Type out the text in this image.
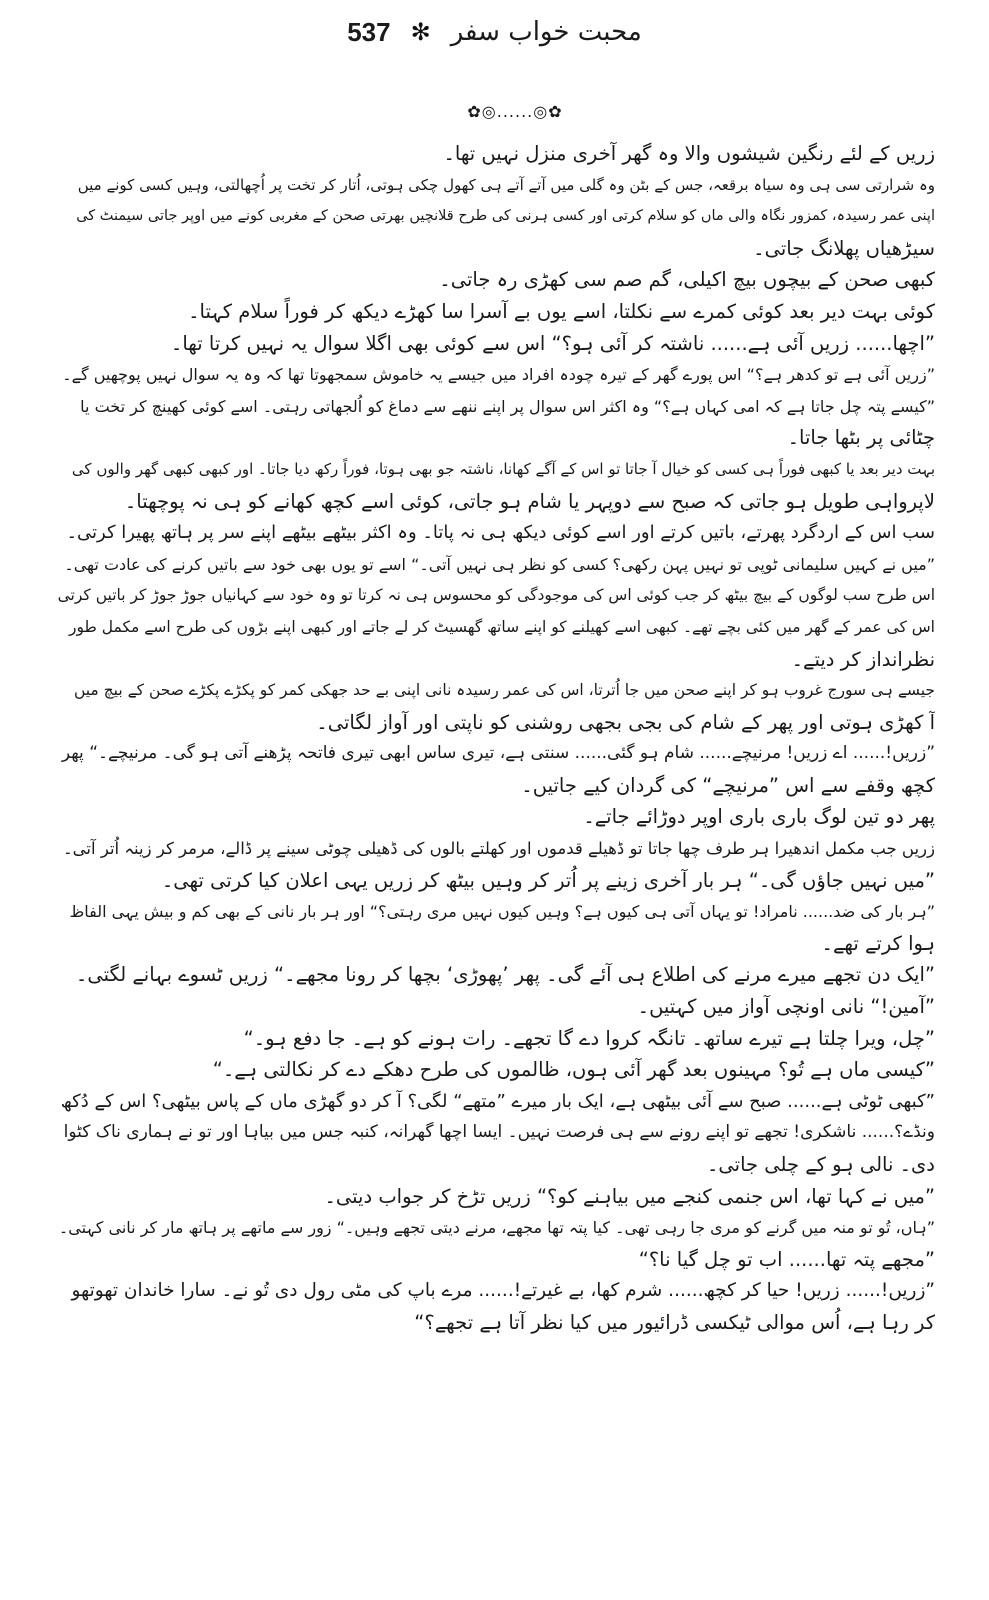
537 ✻ محبت خواب سفر
✿◎......◎✿
زریں کے لئے رنگین شیشوں والا وہ گھر آخری منزل نہیں تھا۔
وہ شرارتی سی ہی وہ سیاہ برقعہ، جس کے بٹن وہ گلی میں آتے آتے ہی کھول چکی ہوتی، اُتار کر تخت پر اُچھالتی، وہیں کسی کونے میں
اپنی عمر رسیدہ، کمزور نگاہ والی ماں کو سلام کرتی اور کسی ہرنی کی طرح قلانچیں بھرتی صحن کے مغربی کونے میں اوپر جاتی سیمنٹ کی
سیڑھیاں پھلانگ جاتی۔
کبھی صحن کے بیچوں بیچ اکیلی، گم صم سی کھڑی رہ جاتی۔
کوئی بہت دیر بعد کوئی کمرے سے نکلتا، اسے یوں بے آسرا سا کھڑے دیکھ کر فوراً سلام کہتا۔
”اچھا...... زریں آئی ہے...... ناشتہ کر آئی ہو؟“ اس سے کوئی بھی اگلا سوال یہ نہیں کرتا تھا۔
”زریں آئی ہے تو کدھر ہے؟“ اس پورے گھر کے تیرہ چودہ افراد میں جیسے یہ خاموش سمجھوتا تھا کہ وہ یہ سوال نہیں پوچھیں گے۔
”کیسے پتہ چل جاتا ہے کہ امی کہاں ہے؟“ وہ اکثر اس سوال پر اپنے ننھے سے دماغ کو اُلجھاتی رہتی۔ اسے کوئی کھینچ کر تخت یا
چٹائی پر بٹھا جاتا۔
بہت دیر بعد یا کبھی فوراً ہی کسی کو خیال آ جاتا تو اس کے آگے کھانا، ناشتہ جو بھی ہوتا، فوراً رکھ دیا جاتا۔ اور کبھی کبھی گھر والوں کی
لاپرواہی طویل ہو جاتی کہ صبح سے دوپہر یا شام ہو جاتی، کوئی اسے کچھ کھانے کو ہی نہ پوچھتا۔
سب اس کے اردگرد پھرتے، باتیں کرتے اور اسے کوئی دیکھ ہی نہ پاتا۔ وہ اکثر بیٹھے بیٹھے اپنے سر پر ہاتھ پھیرا کرتی۔
”میں نے کہیں سلیمانی ٹوپی تو نہیں پہن رکھی؟ کسی کو نظر ہی نہیں آتی۔“ اسے تو یوں بھی خود سے باتیں کرنے کی عادت تھی۔
اس طرح سب لوگوں کے بیچ بیٹھ کر جب کوئی اس کی موجودگی کو محسوس ہی نہ کرتا تو وہ خود سے کہانیاں جوڑ جوڑ کر باتیں کرتی
اس کی عمر کے گھر میں کئی بچے تھے۔ کبھی اسے کھیلنے کو اپنے ساتھ گھسیٹ کر لے جاتے اور کبھی اپنے بڑوں کی طرح اسے مکمل طور
نظرانداز کر دیتے۔
جیسے ہی سورج غروب ہو کر اپنے صحن میں جا اُترتا، اس کی عمر رسیدہ نانی اپنی بے حد جھکی کمر کو پکڑے پکڑے صحن کے بیچ میں
آ کھڑی ہوتی اور پھر کے شام کی بجی بجھی روشنی کو ناپتی اور آواز لگاتی۔
”زریں!...... اے زریں! مرنیچے...... شام ہو گئی...... سنتی ہے، تیری ساس ابھی تیری فاتحہ پڑھنے آتی ہو گی۔ مرنیچے۔“ پھر
کچھ وقفے سے اس ”مرنیچے“ کی گردان کیے جاتیں۔
پھر دو تین لوگ باری باری اوپر دوڑائے جاتے۔
زریں جب مکمل اندھیرا ہر طرف چھا جاتا تو ڈھیلے قدموں اور کھلتے بالوں کی ڈھیلی چوٹی سینے پر ڈالے، مرمر کر زینہ اُتر آتی۔
”میں نہیں جاؤں گی۔“ ہر بار آخری زینے پر اُتر کر وہیں بیٹھ کر زریں یہی اعلان کیا کرتی تھی۔
”ہر بار کی ضد...... نامراد! تو یہاں آتی ہی کیوں ہے؟ وہیں کیوں نہیں مری رہتی؟“ اور ہر بار نانی کے بھی کم و بیش یہی الفاظ
ہوا کرتے تھے۔
”ایک دن تجھے میرے مرنے کی اطلاع ہی آئے گی۔ پھر ’پھوڑی‘ بچھا کر رونا مجھے۔“ زریں ٹسوے بہانے لگتی۔
”آمین!“ نانی اونچی آواز میں کہتیں۔
”چل، ویرا چلتا ہے تیرے ساتھ۔ تانگہ کروا دے گا تجھے۔ رات ہونے کو ہے۔ جا دفع ہو۔“
”کیسی ماں ہے تُو؟ مہینوں بعد گھر آئی ہوں، ظالموں کی طرح دھکے دے کر نکالتی ہے۔“
”کبھی ٹوٹی ہے...... صبح سے آئی بیٹھی ہے، ایک بار میرے ”متھے“ لگی؟ آ کر دو گھڑی ماں کے پاس بیٹھی؟ اس کے دُکھ
ونڈے؟...... ناشکری! تجھے تو اپنے رونے سے ہی فرصت نہیں۔ ایسا اچھا گھرانہ، کنبہ جس میں بیاہا اور تو نے ہماری ناک کٹوا
دی۔ نالی ہو کے چلی جاتی۔
”میں نے کہا تھا، اس جنمی کنجے میں بیاہنے کو؟“ زریں تڑخ کر جواب دیتی۔
”ہاں، تُو تو منہ میں گرنے کو مری جا رہی تھی۔ کیا پتہ تھا مجھے، مرنے دیتی تجھے وہیں۔“ زور سے ماتھے پر ہاتھ مار کر نانی کہتی۔
”مجھے پتہ تھا...... اب تو چل گیا نا؟“
”زریں!...... زریں! حیا کر کچھ...... شرم کھا، بے غیرتے!...... مرے باپ کی مٹی رول دی تُو نے۔ سارا خاندان تھوتھو
کر رہا ہے، اُس موالی ٹیکسی ڈرائیور میں کیا نظر آتا ہے تجھے؟“
